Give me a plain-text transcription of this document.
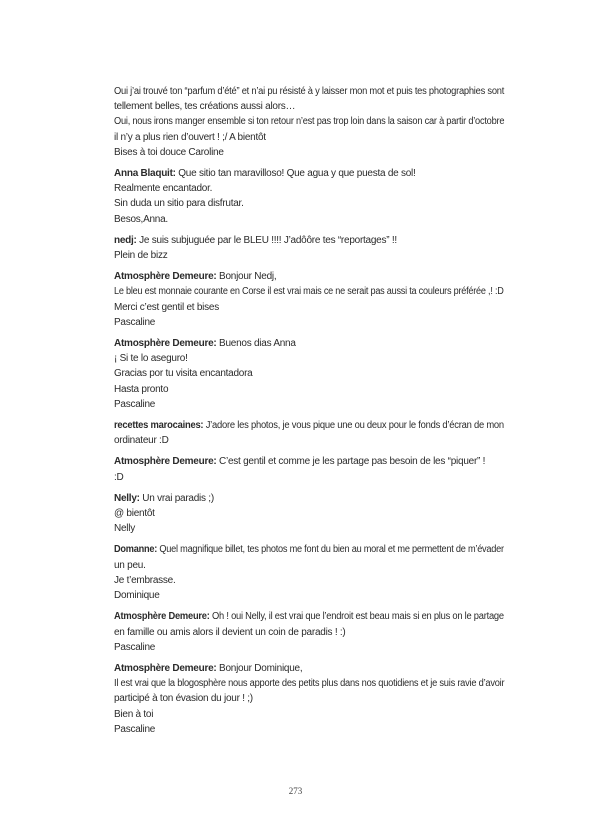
Oui j’ai trouvé ton “parfum d’été” et n’ai pu résisté à y laisser mon mot et puis tes photographies sont
tellement belles, tes créations aussi alors…
Oui, nous irons manger ensemble si ton retour n’est pas trop loin dans la saison car à partir d’octobre
il n’y a plus rien d’ouvert ! ;/ A bientôt
Bises à toi douce Caroline
Anna Blaquit: Que sitio tan maravilloso! Que agua y que puesta de sol!
Realmente encantador.
Sin duda un sitio para disfrutar.
Besos,Anna.
nedj: Je suis subjuguée par le BLEU !!!! J’adôôre tes “reportages” !!
Plein de bizz
Atmosphère Demeure: Bonjour Nedj,
Le bleu est monnaie courante en Corse il est vrai mais ce ne serait pas aussi ta couleurs préférée ,! :D
Merci c’est gentil et bises
Pascaline
Atmosphère Demeure: Buenos dias Anna
¡ Si te lo aseguro!
Gracias por tu visita encantadora
Hasta pronto
Pascaline
recettes marocaines: J’adore les photos, je vous pique une ou deux pour le fonds d’écran de mon
ordinateur :D
Atmosphère Demeure: C’est gentil et comme je les partage pas besoin de les “piquer” !
:D
Nelly: Un vrai paradis ;)
@ bientôt
Nelly
Domanne: Quel magnifique billet, tes photos me font du bien au moral et me permettent de m’évader
un peu.
Je t’embrasse.
Dominique
Atmosphère Demeure: Oh ! oui Nelly, il est vrai que l’endroit est beau mais si en plus on le partage
en famille ou amis alors il devient un coin de paradis ! :)
Pascaline
Atmosphère Demeure: Bonjour Dominique,
Il est vrai que la blogosphère nous apporte des petits plus dans nos quotidiens et je suis ravie d’avoir
participé à ton évasion du jour ! ;)
Bien à toi
Pascaline
273
